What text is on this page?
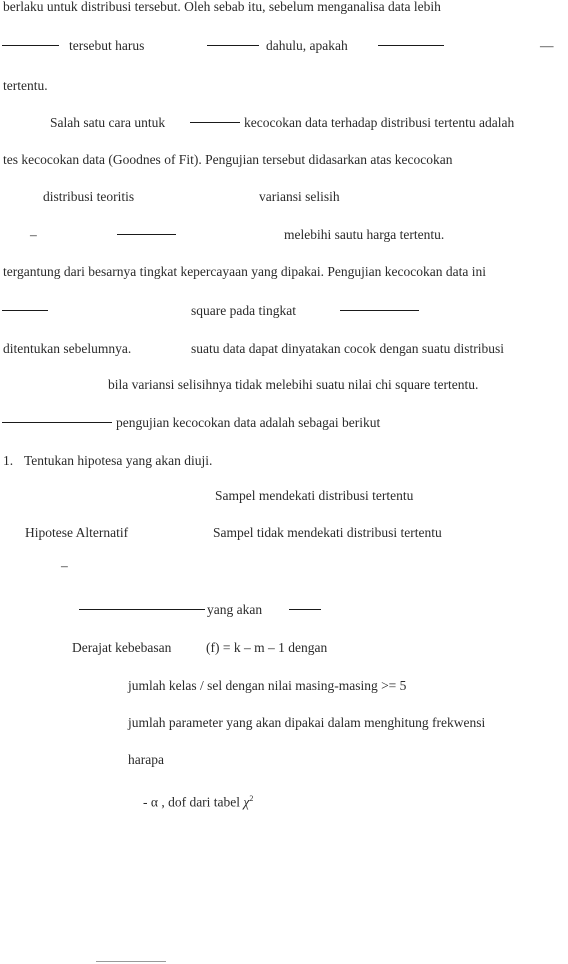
berlaku untuk distribusi tersebut. Oleh sebab itu, sebelum menganalisa data lebih
tersebut harus	dahulu, apakah	—
tertentu.
Salah satu cara untuk	kecocokan data terhadap distribusi tertentu adalah
tes kecocokan data (Goodnes of Fit). Pengujian tersebut didasarkan atas kecocokan
distribusi teoritis	variansi selisih
–	melebihi sautu harga tertentu.
tergantung dari besarnya tingkat kepercayaan yang dipakai. Pengujian kecocokan data ini
square pada tingkat
ditentukan sebelumnya.	suatu data dapat dinyatakan cocok dengan suatu distribusi
bila variansi selisihnya tidak melebihi suatu nilai chi square tertentu.
pengujian kecocokan data adalah sebagai berikut
1. Tentukan hipotesa yang akan diuji.
Sampel mendekati distribusi tertentu
Hipotese Alternatif	Sampel tidak mendekati distribusi tertentu
–
yang akan
Derajat kebebasan	(f) = k – m – 1 dengan
jumlah kelas / sel dengan nilai masing-masing >= 5
jumlah parameter yang akan dipakai dalam menghitung frekwensi
harapa
- α , dof dari tabel $\chi^2$
